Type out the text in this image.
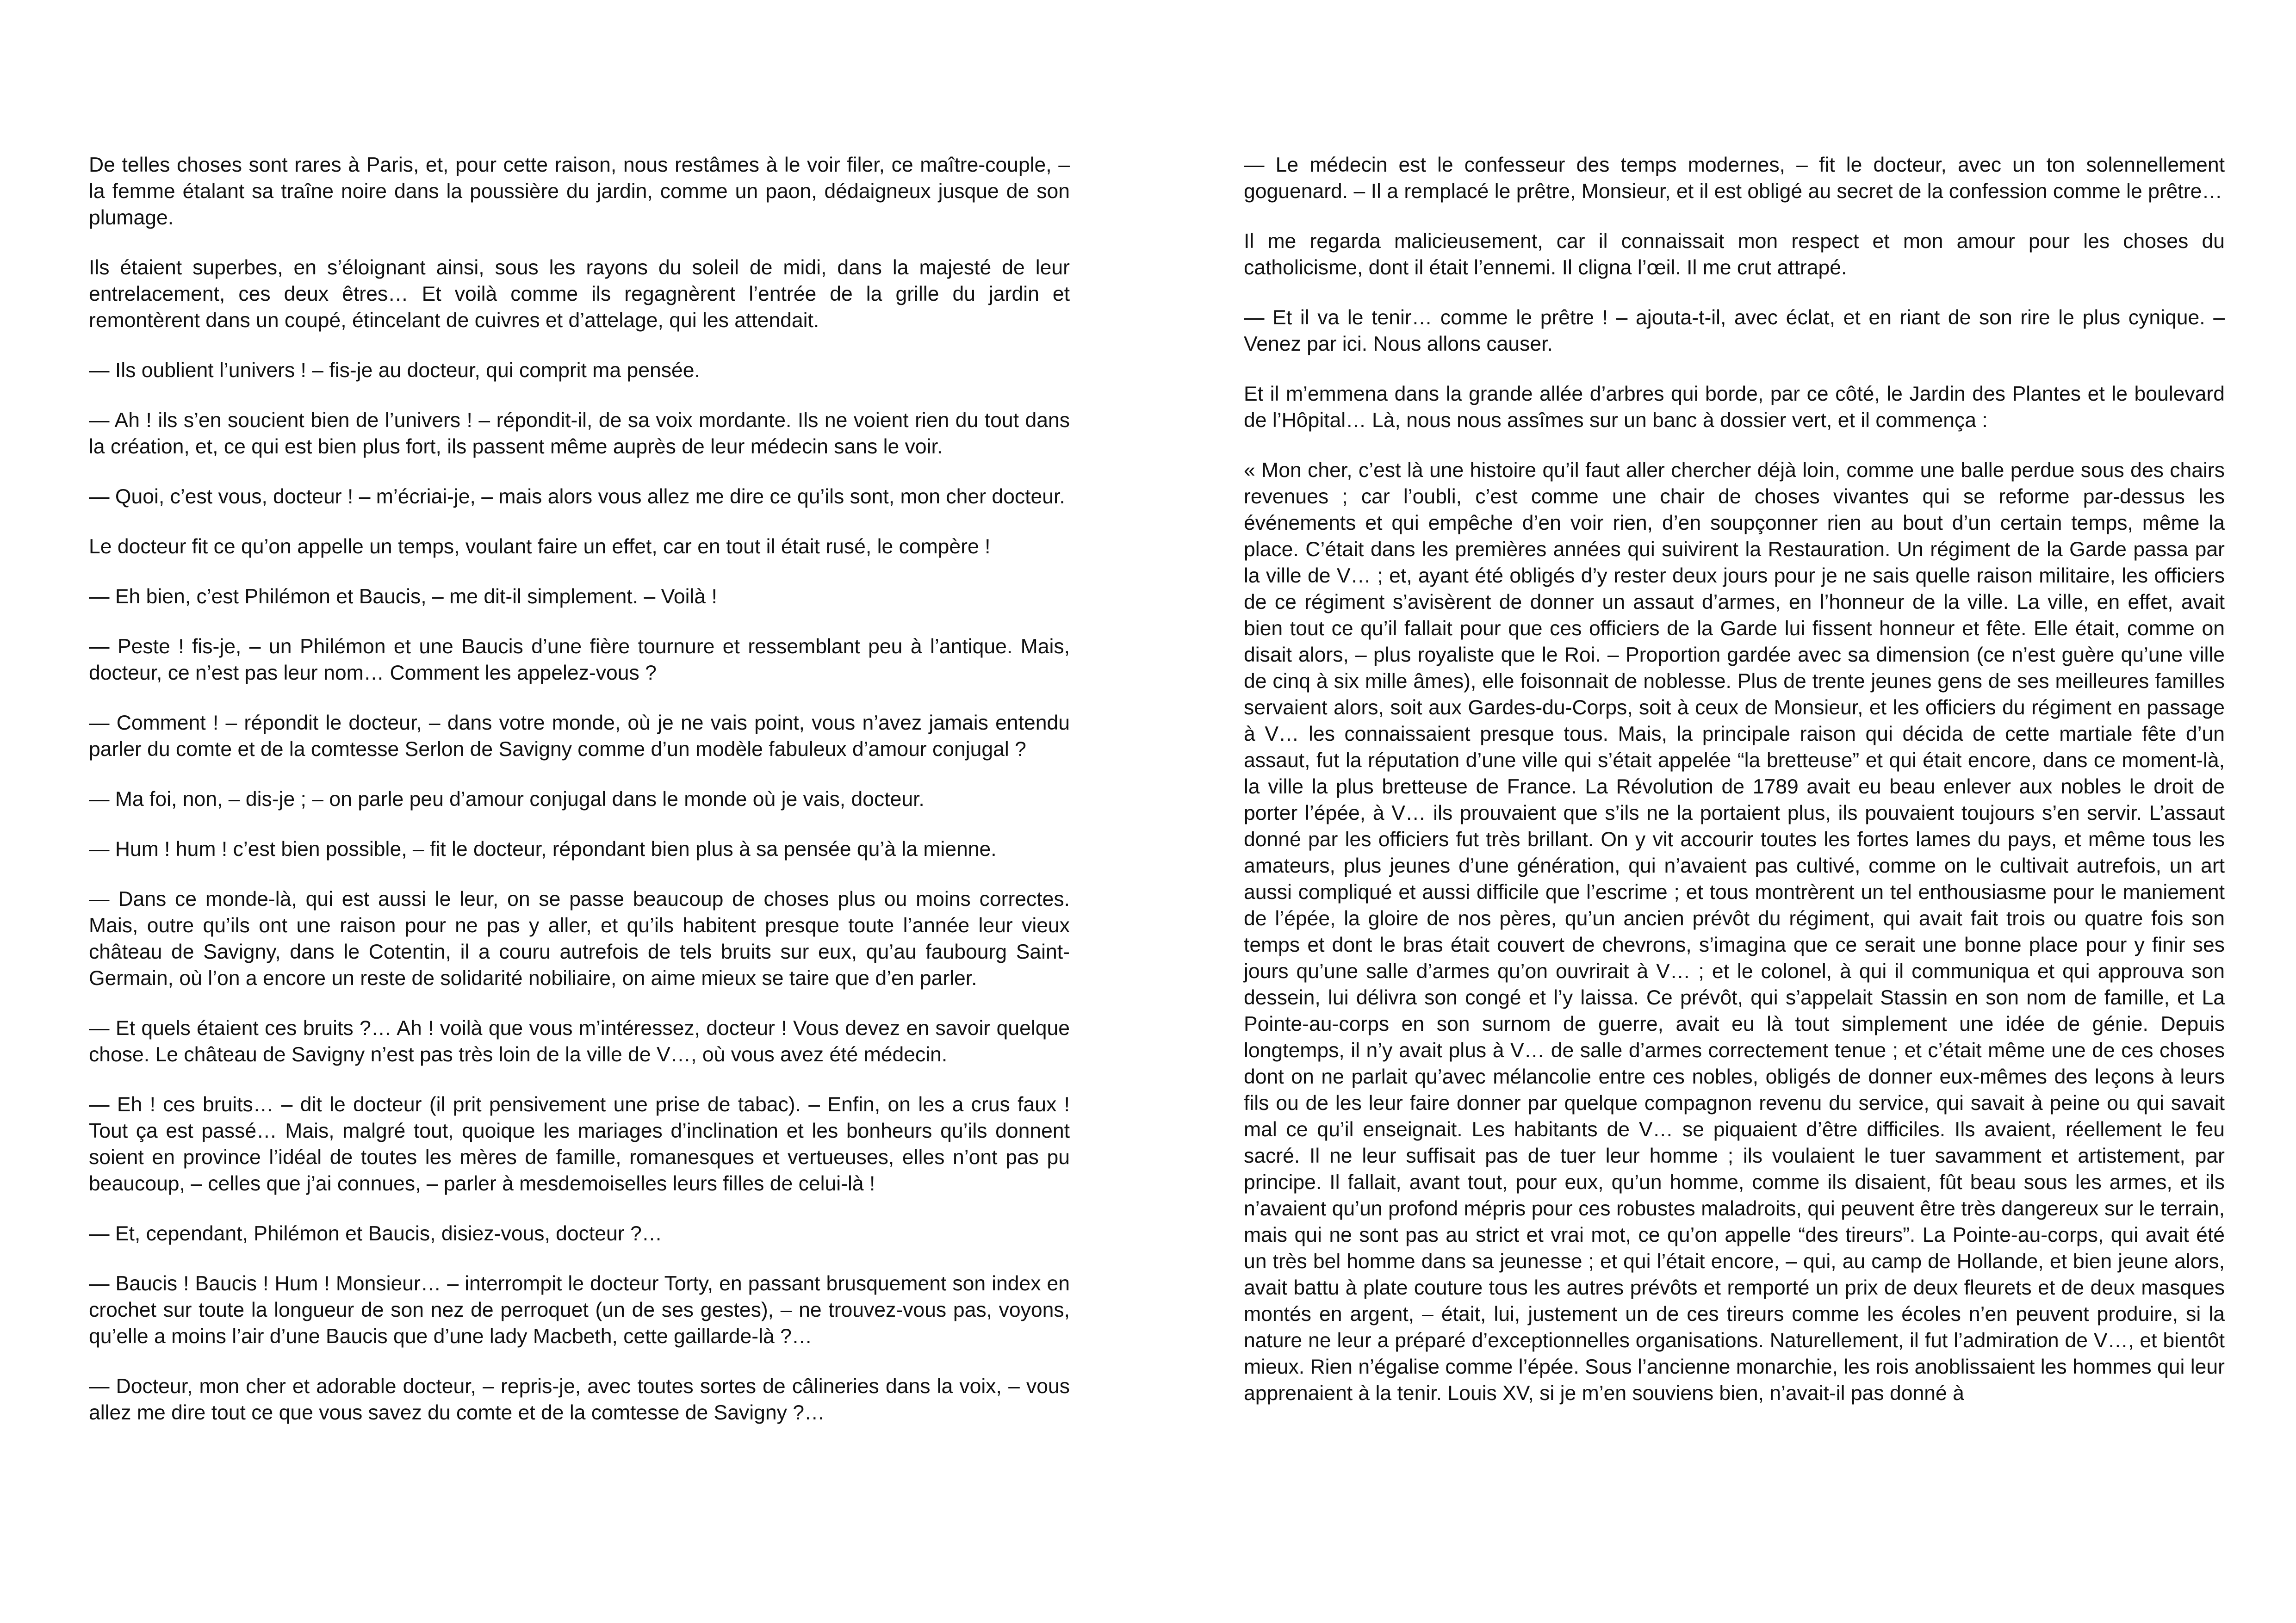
De telles choses sont rares à Paris, et, pour cette raison, nous restâmes à le voir filer, ce maître-couple, – la femme étalant sa traîne noire dans la poussière du jardin, comme un paon, dédaigneux jusque de son plumage.

Ils étaient superbes, en s’éloignant ainsi, sous les rayons du soleil de midi, dans la majesté de leur entrelacement, ces deux êtres… Et voilà comme ils regagnèrent l’entrée de la grille du jardin et remontèrent dans un coupé, étincelant de cuivres et d’attelage, qui les attendait.

— Ils oublient l’univers ! – fis-je au docteur, qui comprit ma pensée.

— Ah ! ils s’en soucient bien de l’univers ! – répondit-il, de sa voix mordante. Ils ne voient rien du tout dans la création, et, ce qui est bien plus fort, ils passent même auprès de leur médecin sans le voir.

— Quoi, c’est vous, docteur ! – m’écriai-je, – mais alors vous allez me dire ce qu’ils sont, mon cher docteur.

Le docteur fit ce qu’on appelle un temps, voulant faire un effet, car en tout il était rusé, le compère !

— Eh bien, c’est Philémon et Baucis, – me dit-il simplement. – Voilà !

— Peste ! fis-je, – un Philémon et une Baucis d’une fière tournure et ressemblant peu à l’antique. Mais, docteur, ce n’est pas leur nom… Comment les appelez-vous ?

— Comment ! – répondit le docteur, – dans votre monde, où je ne vais point, vous n’avez jamais entendu parler du comte et de la comtesse Serlon de Savigny comme d’un modèle fabuleux d’amour conjugal ?

— Ma foi, non, – dis-je ; – on parle peu d’amour conjugal dans le monde où je vais, docteur.

— Hum ! hum ! c’est bien possible, – fit le docteur, répondant bien plus à sa pensée qu’à la mienne.

— Dans ce monde-là, qui est aussi le leur, on se passe beaucoup de choses plus ou moins correctes. Mais, outre qu’ils ont une raison pour ne pas y aller, et qu’ils habitent presque toute l’année leur vieux château de Savigny, dans le Cotentin, il a couru autrefois de tels bruits sur eux, qu’au faubourg Saint-Germain, où l’on a encore un reste de solidarité nobiliaire, on aime mieux se taire que d’en parler.

— Et quels étaient ces bruits ?… Ah ! voilà que vous m’intéressez, docteur ! Vous devez en savoir quelque chose. Le château de Savigny n’est pas très loin de la ville de V…, où vous avez été médecin.

— Eh ! ces bruits… – dit le docteur (il prit pensivement une prise de tabac). – Enfin, on les a crus faux ! Tout ça est passé… Mais, malgré tout, quoique les mariages d’inclination et les bonheurs qu’ils donnent soient en province l’idéal de toutes les mères de famille, romanesques et vertueuses, elles n’ont pas pu beaucoup, – celles que j’ai connues, – parler à mesdemoiselles leurs filles de celui-là !

— Et, cependant, Philémon et Baucis, disiez-vous, docteur ?…

— Baucis ! Baucis ! Hum ! Monsieur… – interrompit le docteur Torty, en passant brusquement son index en crochet sur toute la longueur de son nez de perroquet (un de ses gestes), – ne trouvez-vous pas, voyons, qu’elle a moins l’air d’une Baucis que d’une lady Macbeth, cette gaillarde-là ?…

— Docteur, mon cher et adorable docteur, – repris-je, avec toutes sortes de câlineries dans la voix, – vous allez me dire tout ce que vous savez du comte et de la comtesse de Savigny ?…

— Le médecin est le confesseur des temps modernes, – fit le docteur, avec un ton solennellement goguenard. – Il a remplacé le prêtre, Monsieur, et il est obligé au secret de la confession comme le prêtre…

Il me regarda malicieusement, car il connaissait mon respect et mon amour pour les choses du catholicisme, dont il était l’ennemi. Il cligna l’œil. Il me crut attrapé.

— Et il va le tenir… comme le prêtre ! – ajouta-t-il, avec éclat, et en riant de son rire le plus cynique. – Venez par ici. Nous allons causer.

Et il m’emmena dans la grande allée d’arbres qui borde, par ce côté, le Jardin des Plantes et le boulevard de l’Hôpital… Là, nous nous assîmes sur un banc à dossier vert, et il commença :

« Mon cher, c’est là une histoire qu’il faut aller chercher déjà loin, comme une balle perdue sous des chairs revenues ; car l’oubli, c’est comme une chair de choses vivantes qui se reforme par-dessus les événements et qui empêche d’en voir rien, d’en soupçonner rien au bout d’un certain temps, même la place. C’était dans les premières années qui suivirent la Restauration. Un régiment de la Garde passa par la ville de V… ; et, ayant été obligés d’y rester deux jours pour je ne sais quelle raison militaire, les officiers de ce régiment s’avisèrent de donner un assaut d’armes, en l’honneur de la ville. La ville, en effet, avait bien tout ce qu’il fallait pour que ces officiers de la Garde lui fissent honneur et fête. Elle était, comme on disait alors, – plus royaliste que le Roi. – Proportion gardée avec sa dimension (ce n’est guère qu’une ville de cinq à six mille âmes), elle foisonnait de noblesse. Plus de trente jeunes gens de ses meilleures familles servaient alors, soit aux Gardes-du-Corps, soit à ceux de Monsieur, et les officiers du régiment en passage à V… les connaissaient presque tous. Mais, la principale raison qui décida de cette martiale fête d’un assaut, fut la réputation d’une ville qui s’était appelée “la bretteuse” et qui était encore, dans ce moment-là, la ville la plus bretteuse de France. La Révolution de 1789 avait eu beau enlever aux nobles le droit de porter l’épée, à V… ils prouvaient que s’ils ne la portaient plus, ils pouvaient toujours s’en servir. L’assaut donné par les officiers fut très brillant. On y vit accourir toutes les fortes lames du pays, et même tous les amateurs, plus jeunes d’une génération, qui n’avaient pas cultivé, comme on le cultivait autrefois, un art aussi compliqué et aussi difficile que l’escrime ; et tous montrèrent un tel enthousiasme pour le maniement de l’épée, la gloire de nos pères, qu’un ancien prévôt du régiment, qui avait fait trois ou quatre fois son temps et dont le bras était couvert de chevrons, s’imagina que ce serait une bonne place pour y finir ses jours qu’une salle d’armes qu’on ouvrirait à V… ; et le colonel, à qui il communiqua et qui approuva son dessein, lui délivra son congé et l’y laissa. Ce prévôt, qui s’appelait Stassin en son nom de famille, et La Pointe-au-corps en son surnom de guerre, avait eu là tout simplement une idée de génie. Depuis longtemps, il n’y avait plus à V… de salle d’armes correctement tenue ; et c’était même une de ces choses dont on ne parlait qu’avec mélancolie entre ces nobles, obligés de donner eux-mêmes des leçons à leurs fils ou de les leur faire donner par quelque compagnon revenu du service, qui savait à peine ou qui savait mal ce qu’il enseignait. Les habitants de V… se piquaient d’être difficiles. Ils avaient, réellement le feu sacré. Il ne leur suffisait pas de tuer leur homme ; ils voulaient le tuer savamment et artistement, par principe. Il fallait, avant tout, pour eux, qu’un homme, comme ils disaient, fût beau sous les armes, et ils n’avaient qu’un profond mépris pour ces robustes maladroits, qui peuvent être très dangereux sur le terrain, mais qui ne sont pas au strict et vrai mot, ce qu’on appelle “des tireurs”. La Pointe-au-corps, qui avait été un très bel homme dans sa jeunesse ; et qui l’était encore, – qui, au camp de Hollande, et bien jeune alors, avait battu à plate couture tous les autres prévôts et remporté un prix de deux fleurets et de deux masques montés en argent, – était, lui, justement un de ces tireurs comme les écoles n’en peuvent produire, si la nature ne leur a préparé d’exceptionnelles organisations. Naturellement, il fut l’admiration de V…, et bientôt mieux. Rien n’égalise comme l’épée. Sous l’ancienne monarchie, les rois anoblissaient les hommes qui leur apprenaient à la tenir. Louis XV, si je m’en souviens bien, n’avait-il pas donné à
